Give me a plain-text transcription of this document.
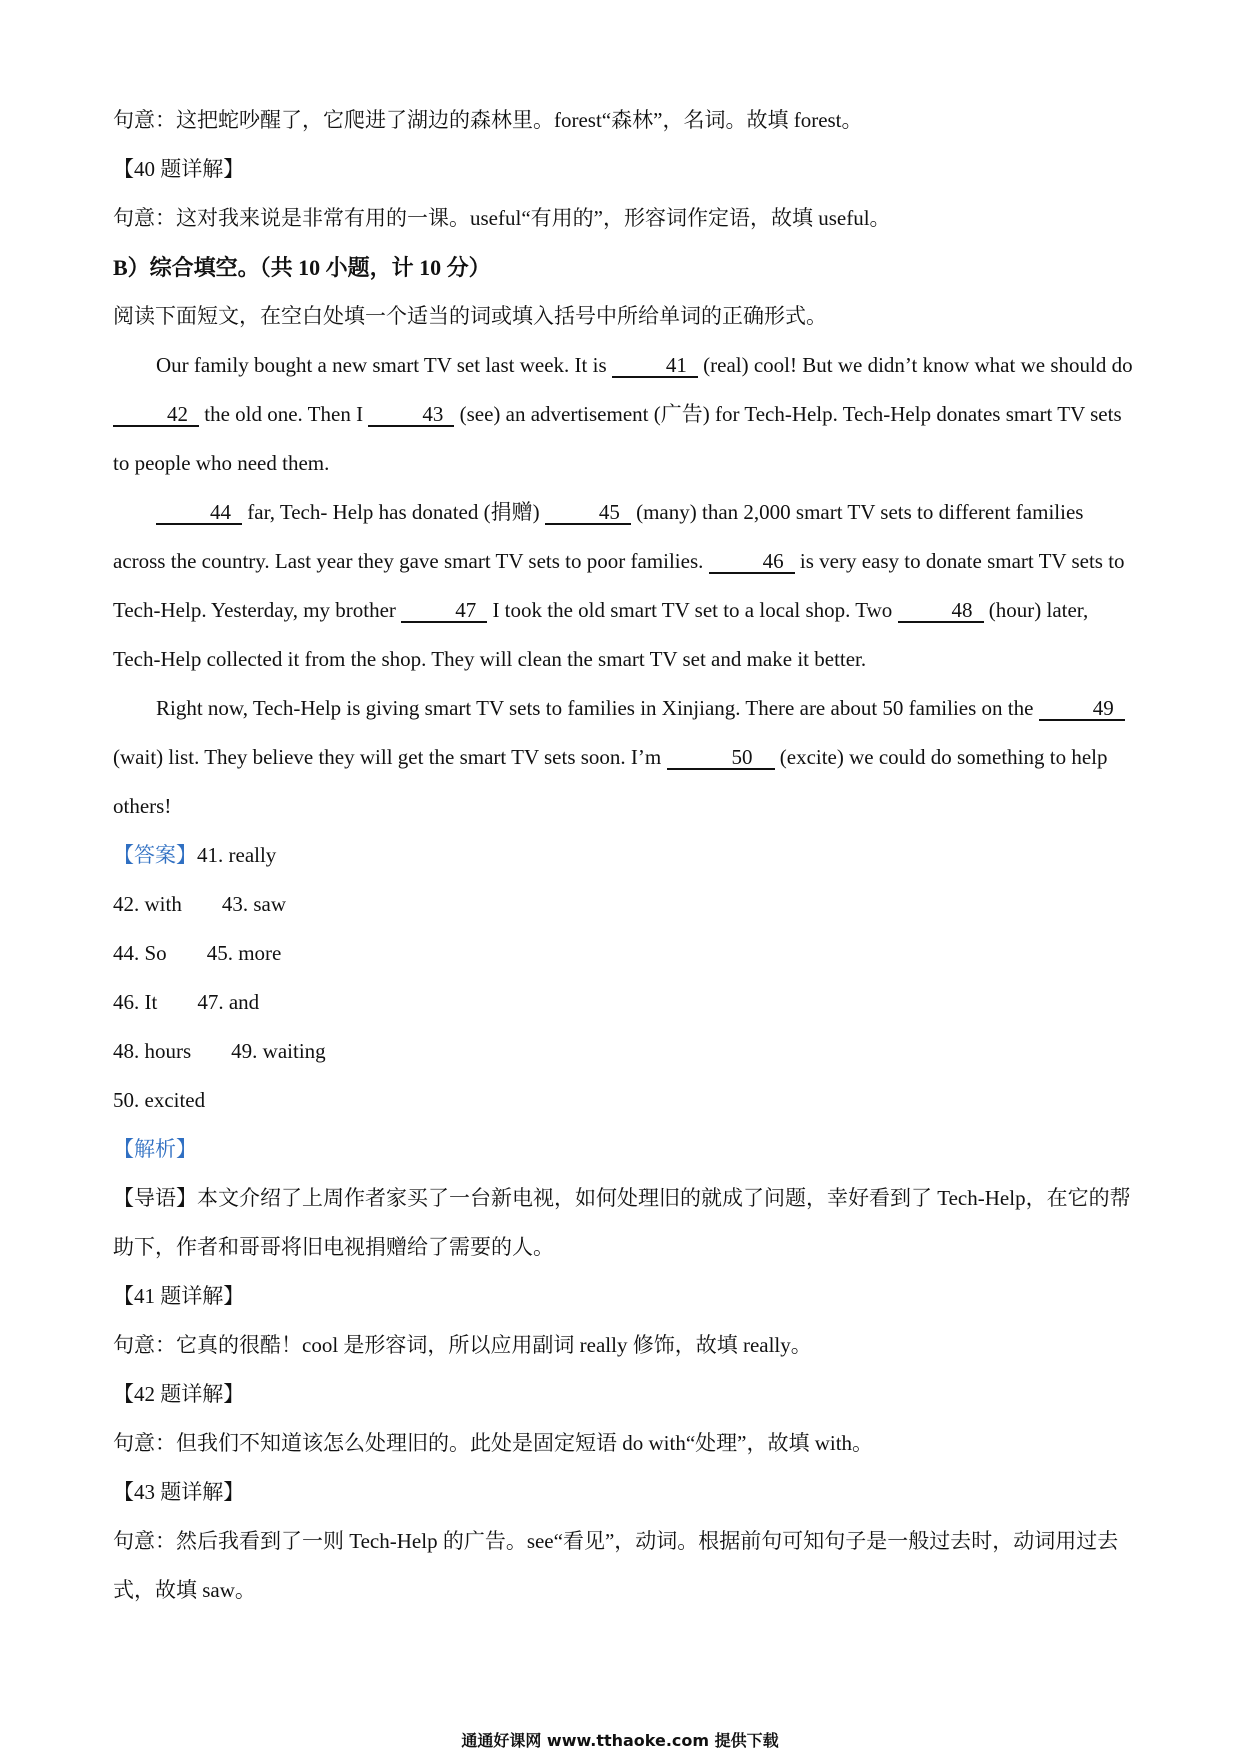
句意：这把蛇吵醒了，它爬进了湖边的森林里。forest“森林”，名词。故填 forest。
【40 题详解】
句意：这对我来说是非常有用的一课。useful“有用的”，形容词作定语，故填 useful。
B）综合填空。（共 10 小题，计 10 分）
阅读下面短文，在空白处填一个适当的词或填入括号中所给单词的正确形式。
Our family bought a new smart TV set last week. It is	41 (real) cool! But we didn’t know what we should do 42 the old one. Then I	43 (see) an advertisement (广告) for Tech-Help. Tech-Help donates smart TV sets to people who need them.
44 far, Tech- Help has donated (捐赠)	45 (many) than 2,000 smart TV sets to different families across the country. Last year they gave smart TV sets to poor families.	46 is very easy to donate smart TV sets to Tech-Help. Yesterday, my brother	47 I took the old smart TV set to a local shop. Two	48 (hour) later, Tech-Help collected it from the shop. They will clean the smart TV set and make it better.
Right now, Tech-Help is giving smart TV sets to families in Xinjiang. There are about 50 families on the	49 (wait) list. They believe they will get the smart TV sets soon. I’m	50 (excite) we could do something to help others!
【答案】41. really
42. with 43. saw
44. So 45. more
46. It 47. and
48. hours 49. waiting
50. excited
【解析】
【导语】本文介绍了上周作者家买了一台新电视，如何处理旧的就成了问题，幸好看到了 Tech-Help，在它的帮助下，作者和哥哥将旧电视捐赠给了需要的人。
【41 题详解】
句意：它真的很酷！cool 是形容词，所以应用副词 really 修饰，故填 really。
【42 题详解】
句意：但我们不知道该怎么处理旧的。此处是固定短语 do with“处理”，故填 with。
【43 题详解】
句意：然后我看到了一则 Tech-Help 的广告。see“看见”，动词。根据前句可知句子是一般过去时，动词用过去式，故填 saw。
通通好课网 www.tthaoke.com 提供下载
